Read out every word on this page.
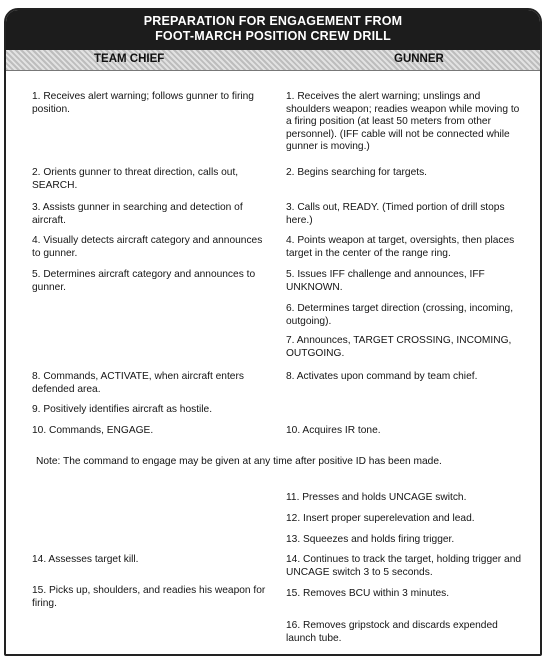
PREPARATION FOR ENGAGEMENT FROM
FOOT-MARCH POSITION CREW DRILL
TEAM CHIEF	GUNNER
1. Receives alert warning; follows gunner to firing position.
2. Orients gunner to threat direction, calls out, SEARCH.
3. Assists gunner in searching and detection of aircraft.
4. Visually detects aircraft category and announces to gunner.
5. Determines aircraft category and announces to gunner.
8. Commands, ACTIVATE, when aircraft enters defended area.
9. Positively identifies aircraft as hostile.
10. Commands, ENGAGE.
14. Assesses target kill.
15. Picks up, shoulders, and readies his weapon for firing.
1. Receives the alert warning; unslings and shoulders weapon; readies weapon while moving to a firing position (at least 50 meters from other personnel). (IFF cable will not be connected while gunner is moving.)
2. Begins searching for targets.
3. Calls out, READY. (Timed portion of drill stops here.)
4. Points weapon at target, oversights, then places target in the center of the range ring.
5. Issues IFF challenge and announces, IFF UNKNOWN.
6. Determines target direction (crossing, incoming, outgoing).
7. Announces, TARGET CROSSING, INCOMING, OUTGOING.
8. Activates upon command by team chief.
10. Acquires IR tone.
Note: The command to engage may be given at any time after positive ID has been made.
11. Presses and holds UNCAGE switch.
12. Insert proper superelevation and lead.
13. Squeezes and holds firing trigger.
14. Continues to track the target, holding trigger and UNCAGE switch 3 to 5 seconds.
15. Removes BCU within 3 minutes.
16. Removes gripstock and discards expended launch tube.
